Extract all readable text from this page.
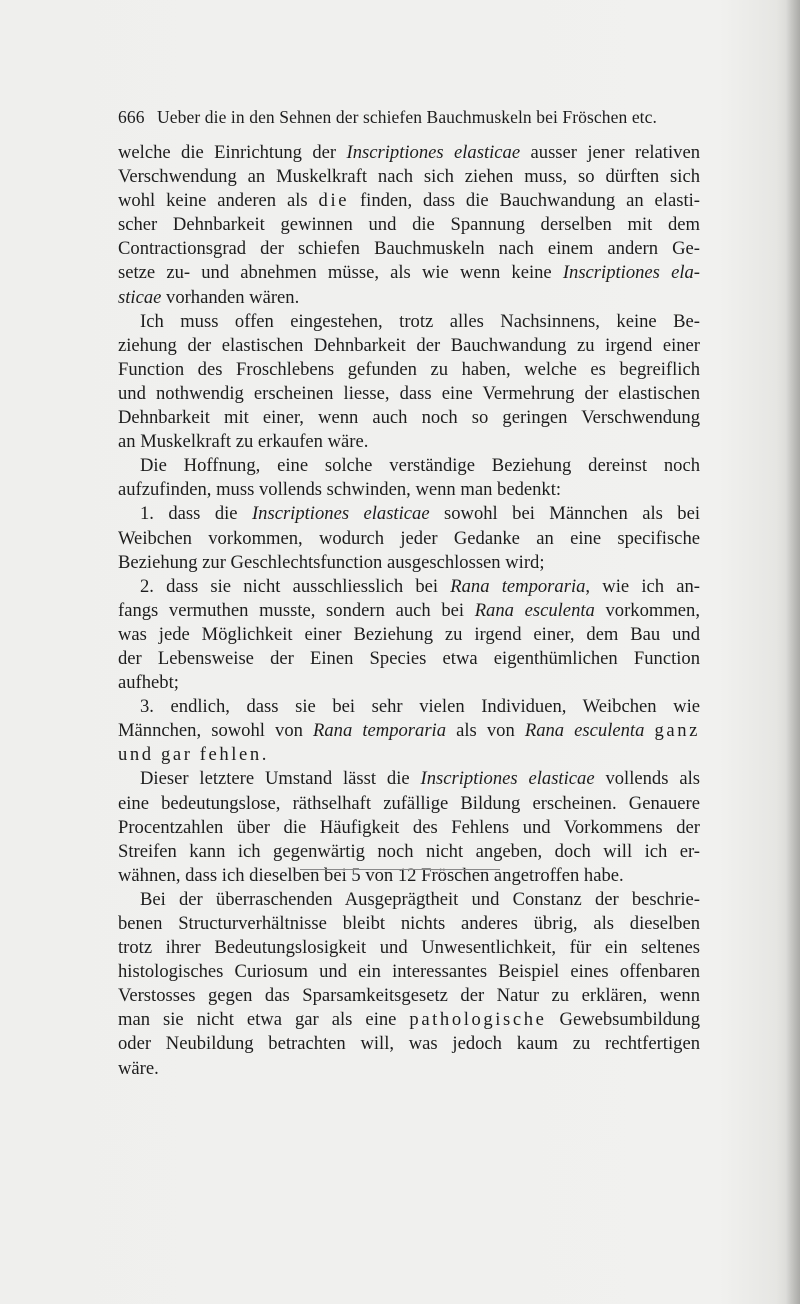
666 Ueber die in den Sehnen der schiefen Bauchmuskeln bei Fröschen etc.
welche die Einrichtung der Inscriptiones elasticae ausser jener relativen
Verschwendung an Muskelkraft nach sich ziehen muss, so dürften sich
wohl keine anderen als die finden, dass die Bauchwandung an elasti-
scher Dehnbarkeit gewinnen und die Spannung derselben mit dem
Contractionsgrad der schiefen Bauchmuskeln nach einem andern Ge-
setze zu- und abnehmen müsse, als wie wenn keine Inscriptiones ela-
sticae vorhanden wären.
Ich muss offen eingestehen, trotz alles Nachsinnens, keine Be-
ziehung der elastischen Dehnbarkeit der Bauchwandung zu irgend einer
Function des Froschlebens gefunden zu haben, welche es begreiflich
und nothwendig erscheinen liesse, dass eine Vermehrung der elastischen
Dehnbarkeit mit einer, wenn auch noch so geringen Verschwendung
an Muskelkraft zu erkaufen wäre.
Die Hoffnung, eine solche verständige Beziehung dereinst noch
aufzufinden, muss vollends schwinden, wenn man bedenkt:
1. dass die Inscriptiones elasticae sowohl bei Männchen als bei
Weibchen vorkommen, wodurch jeder Gedanke an eine specifische
Beziehung zur Geschlechtsfunction ausgeschlossen wird;
2. dass sie nicht ausschliesslich bei Rana temporaria, wie ich an-
fangs vermuthen musste, sondern auch bei Rana esculenta vorkommen,
was jede Möglichkeit einer Beziehung zu irgend einer, dem Bau und
der Lebensweise der Einen Species etwa eigenthümlichen Function
aufhebt;
3. endlich, dass sie bei sehr vielen Individuen, Weibchen wie
Männchen, sowohl von Rana temporaria als von Rana esculenta ganz
und gar fehlen.
Dieser letztere Umstand lässt die Inscriptiones elasticae vollends als
eine bedeutungslose, räthselhaft zufällige Bildung erscheinen. Genauere
Procentzahlen über die Häufigkeit des Fehlens und Vorkommens der
Streifen kann ich gegenwärtig noch nicht angeben, doch will ich er-
wähnen, dass ich dieselben bei 5 von 12 Fröschen angetroffen habe.
Bei der überraschenden Ausgeprägtheit und Constanz der beschrie-
benen Structurverhältnisse bleibt nichts anderes übrig, als dieselben
trotz ihrer Bedeutungslosigkeit und Unwesentlichkeit, für ein seltenes
histologisches Curiosum und ein interessantes Beispiel eines offenbaren
Verstosses gegen das Sparsamkeitsgesetz der Natur zu erklären, wenn
man sie nicht etwa gar als eine pathologische Gewebsumbildung
oder Neubildung betrachten will, was jedoch kaum zu rechtfertigen
wäre.
